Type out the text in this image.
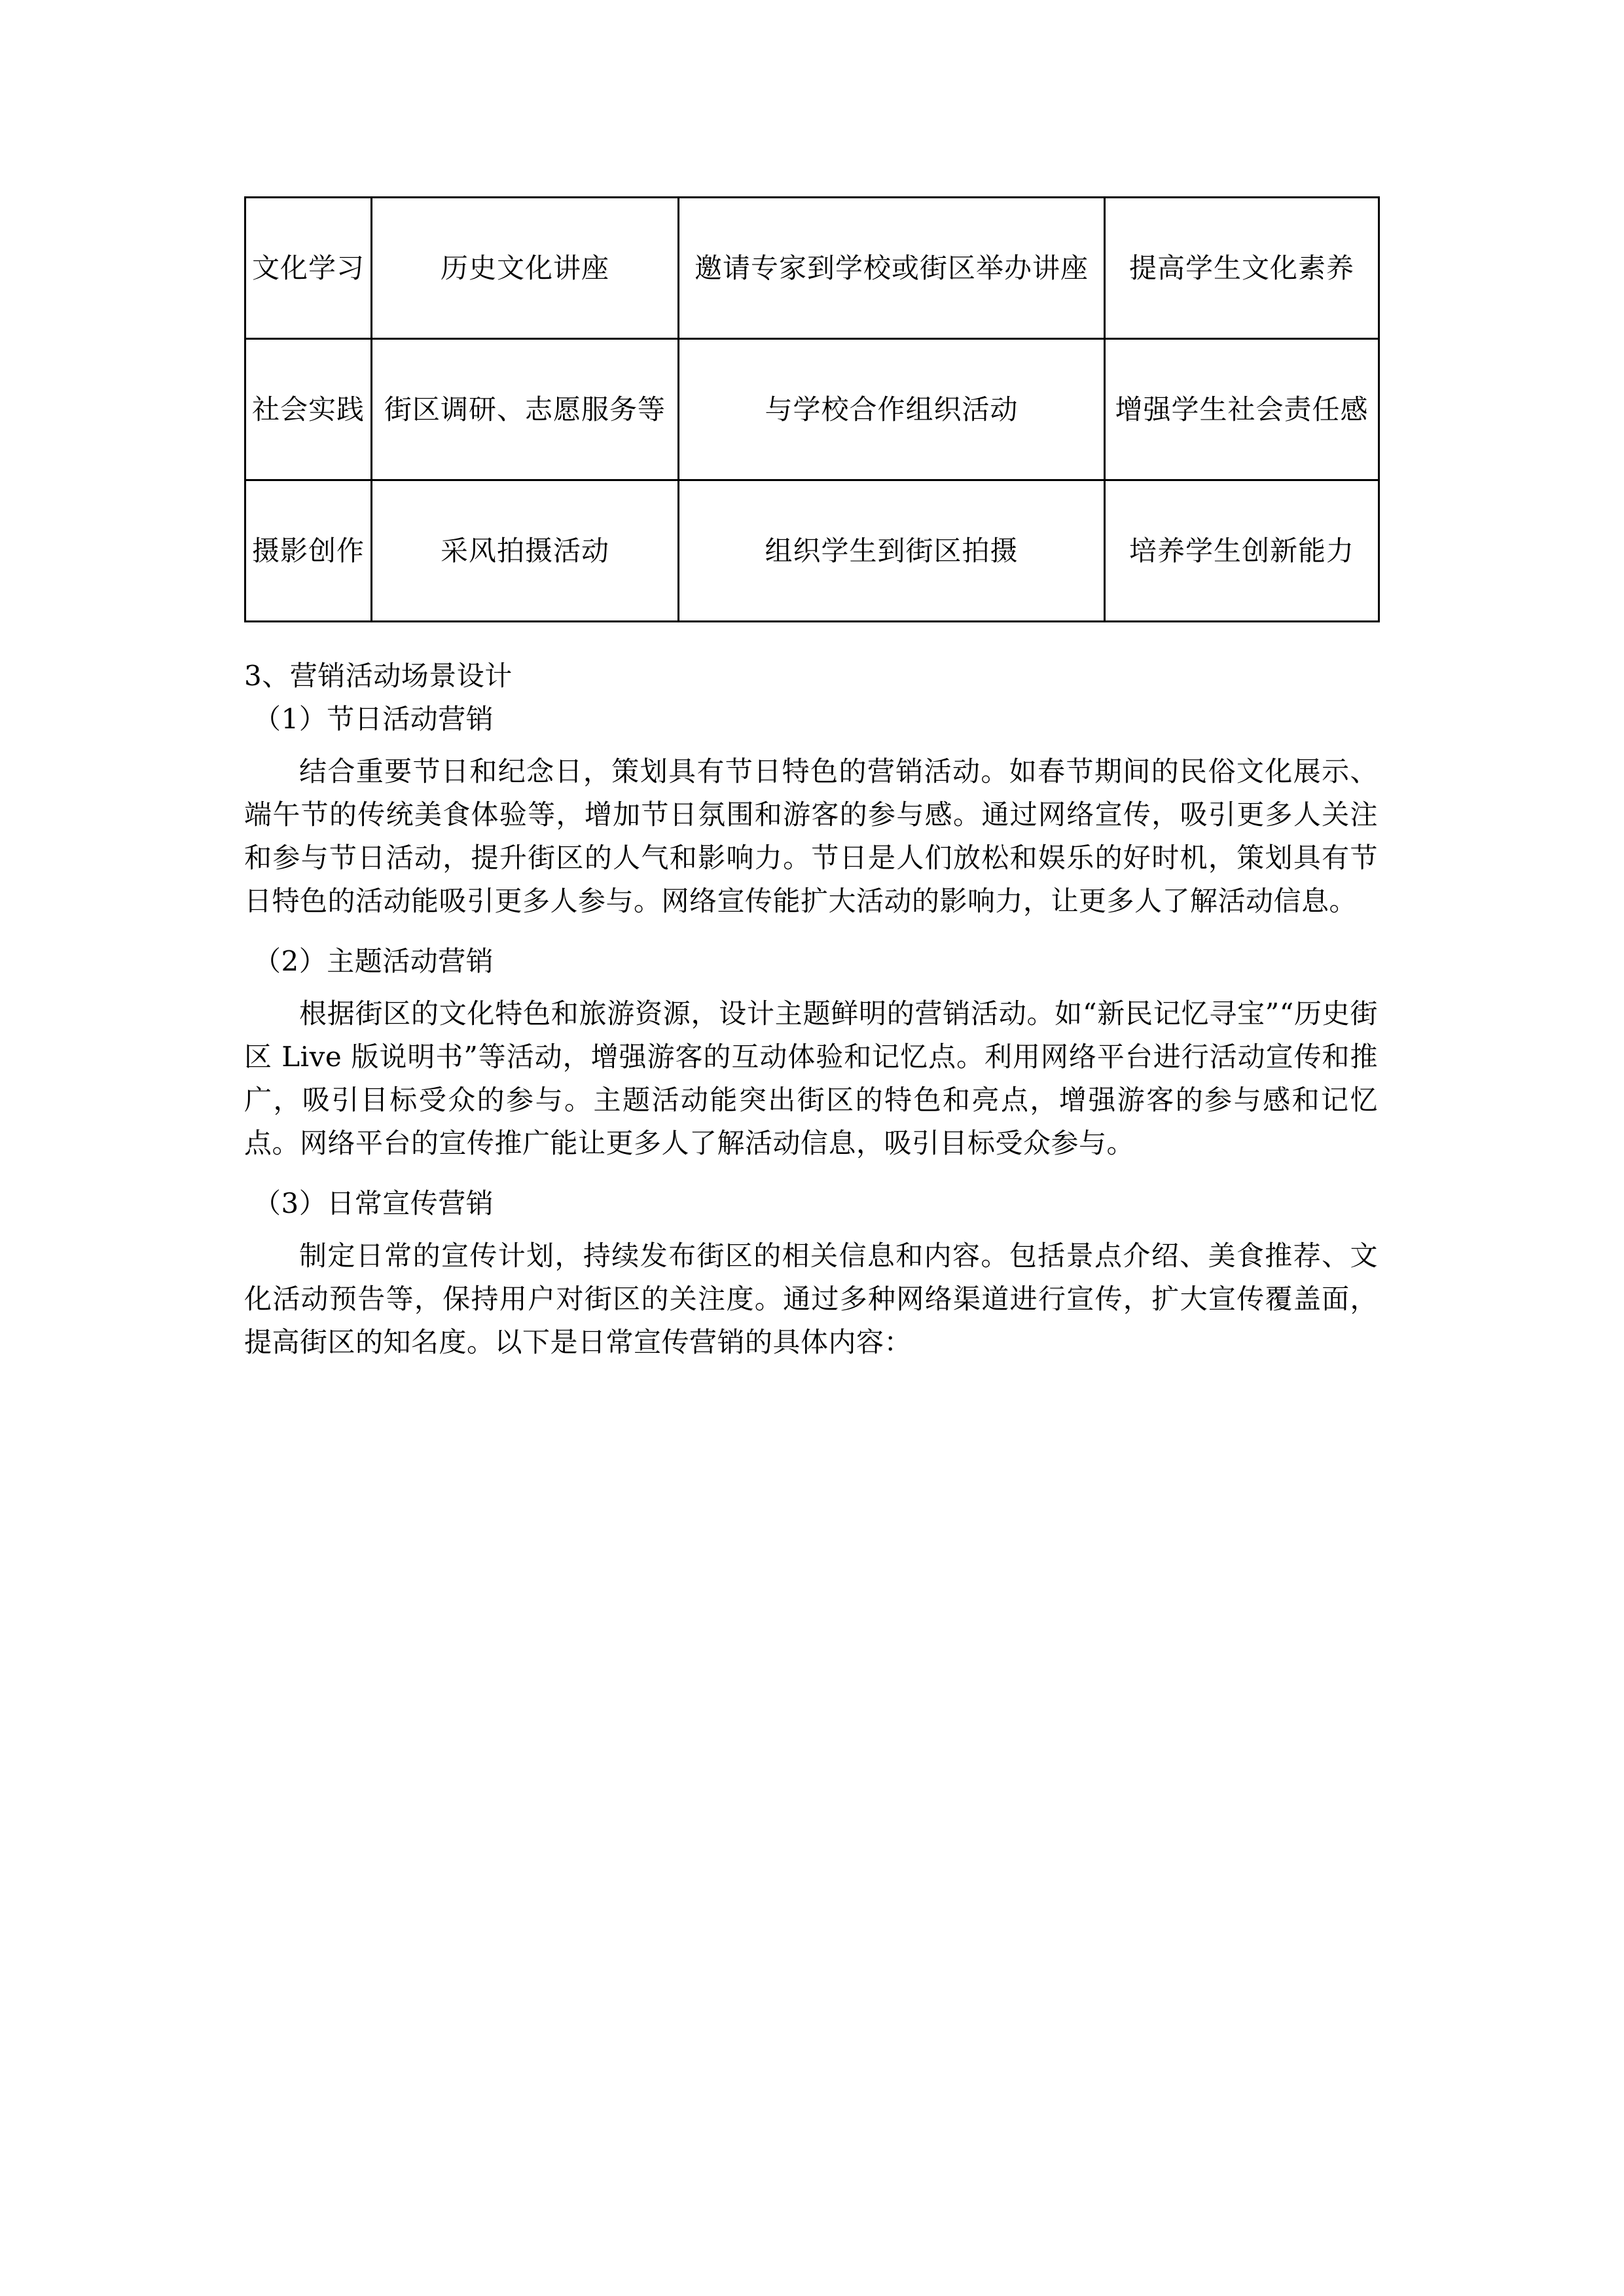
文化学习	历史文化讲座	邀请专家到学校或街区举办讲座	提高学生文化素养

社会实践	街区调研、志愿服务等	与学校合作组织活动	增强学生社会责任感

摄影创作	采风拍摄活动	组织学生到街区拍摄	培养学生创新能力
3、营销活动场景设计
（1）节日活动营销

结合重要节日和纪念日，策划具有节日特色的营销活动。如春节期间的民俗文化展示、端午节的传统美食体验等，增加节日氛围和游客的参与感。通过网络宣传，吸引更多人关注和参与节日活动，提升街区的人气和影响力。节日是人们放松和娱乐的好时机，策划具有节日特色的活动能吸引更多人参与。网络宣传能扩大活动的影响力，让更多人了解活动信息。

（2）主题活动营销

根据街区的文化特色和旅游资源，设计主题鲜明的营销活动。如“新民记忆寻宝”“历史街区 Live 版说明书”等活动，增强游客的互动体验和记忆点。利用网络平台进行活动宣传和推广，吸引目标受众的参与。主题活动能突出街区的特色和亮点，增强游客的参与感和记忆点。网络平台的宣传推广能让更多人了解活动信息，吸引目标受众参与。

（3）日常宣传营销

制定日常的宣传计划，持续发布街区的相关信息和内容。包括景点介绍、美食推荐、文化活动预告等，保持用户对街区的关注度。通过多种网络渠道进行宣传，扩大宣传覆盖面，提高街区的知名度。以下是日常宣传营销的具体内容：
